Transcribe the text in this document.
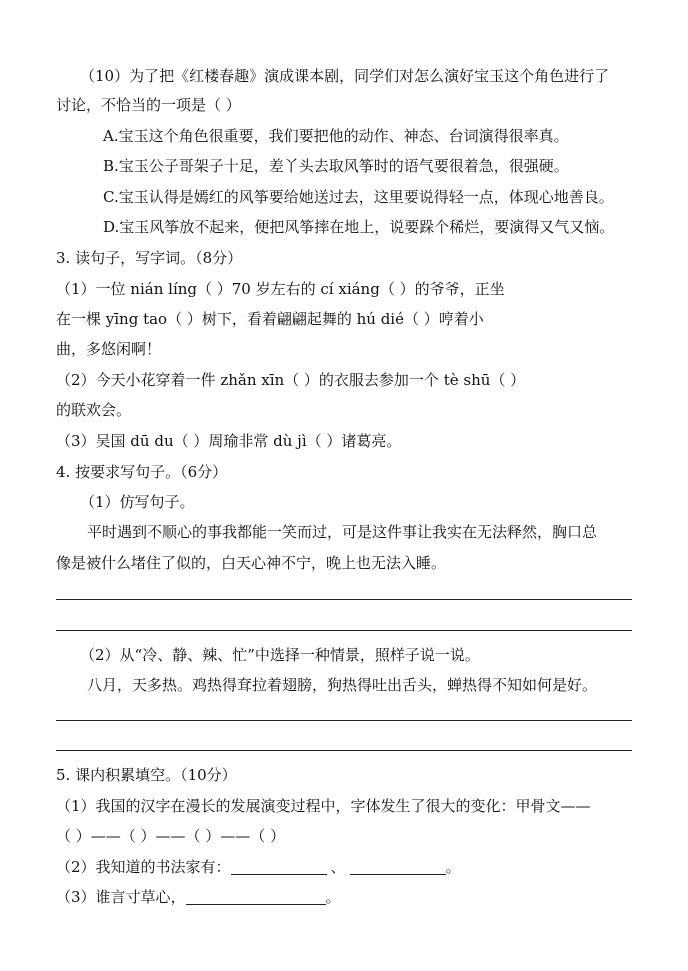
（10）为了把《红楼春趣》演成课本剧，同学们对怎么演好宝玉这个角色进行了
讨论，不恰当的一项是（ ）
A.宝玉这个角色很重要，我们要把他的动作、神态、台词演得很率真。
B.宝玉公子哥架子十足，差丫头去取风筝时的语气要很着急，很强硬。
C.宝玉认得是嫣红的风筝要给她送过去，这里要说得轻一点，体现心地善良。
D.宝玉风筝放不起来，便把风筝摔在地上，说要跺个稀烂，要演得又气又恼。
3. 读句子，写字词。（8分）
（1）一位 nián líng（ ）70 岁左右的 cí xiáng（ ）的爷爷，正坐
在一棵 yīng tao（ ）树下，看着翩翩起舞的 hú dié（ ）哼着小
曲，多悠闲啊！
（2）今天小花穿着一件 zhǎn xīn（ ）的衣服去参加一个 tè shū（ ）
的联欢会。
（3）吴国 dū du（ ）周瑜非常 dù jì（ ）诸葛亮。
4. 按要求写句子。（6分）
（1）仿写句子。
平时遇到不顺心的事我都能一笑而过，可是这件事让我实在无法释然，胸口总
像是被什么堵住了似的，白天心神不宁，晚上也无法入睡。
（2）从“冷、静、辣、忙”中选择一种情景，照样子说一说。
八月，天多热。鸡热得耷拉着翅膀，狗热得吐出舌头，蝉热得不知如何是好。
5. 课内积累填空。（10分）
（1）我国的汉字在漫长的发展演变过程中，字体发生了很大的变化：甲骨文——
（ ）——（ ）——（ ）——（ ）
（2）我知道的书法家有：	、	。
（3）谁言寸草心，	。
